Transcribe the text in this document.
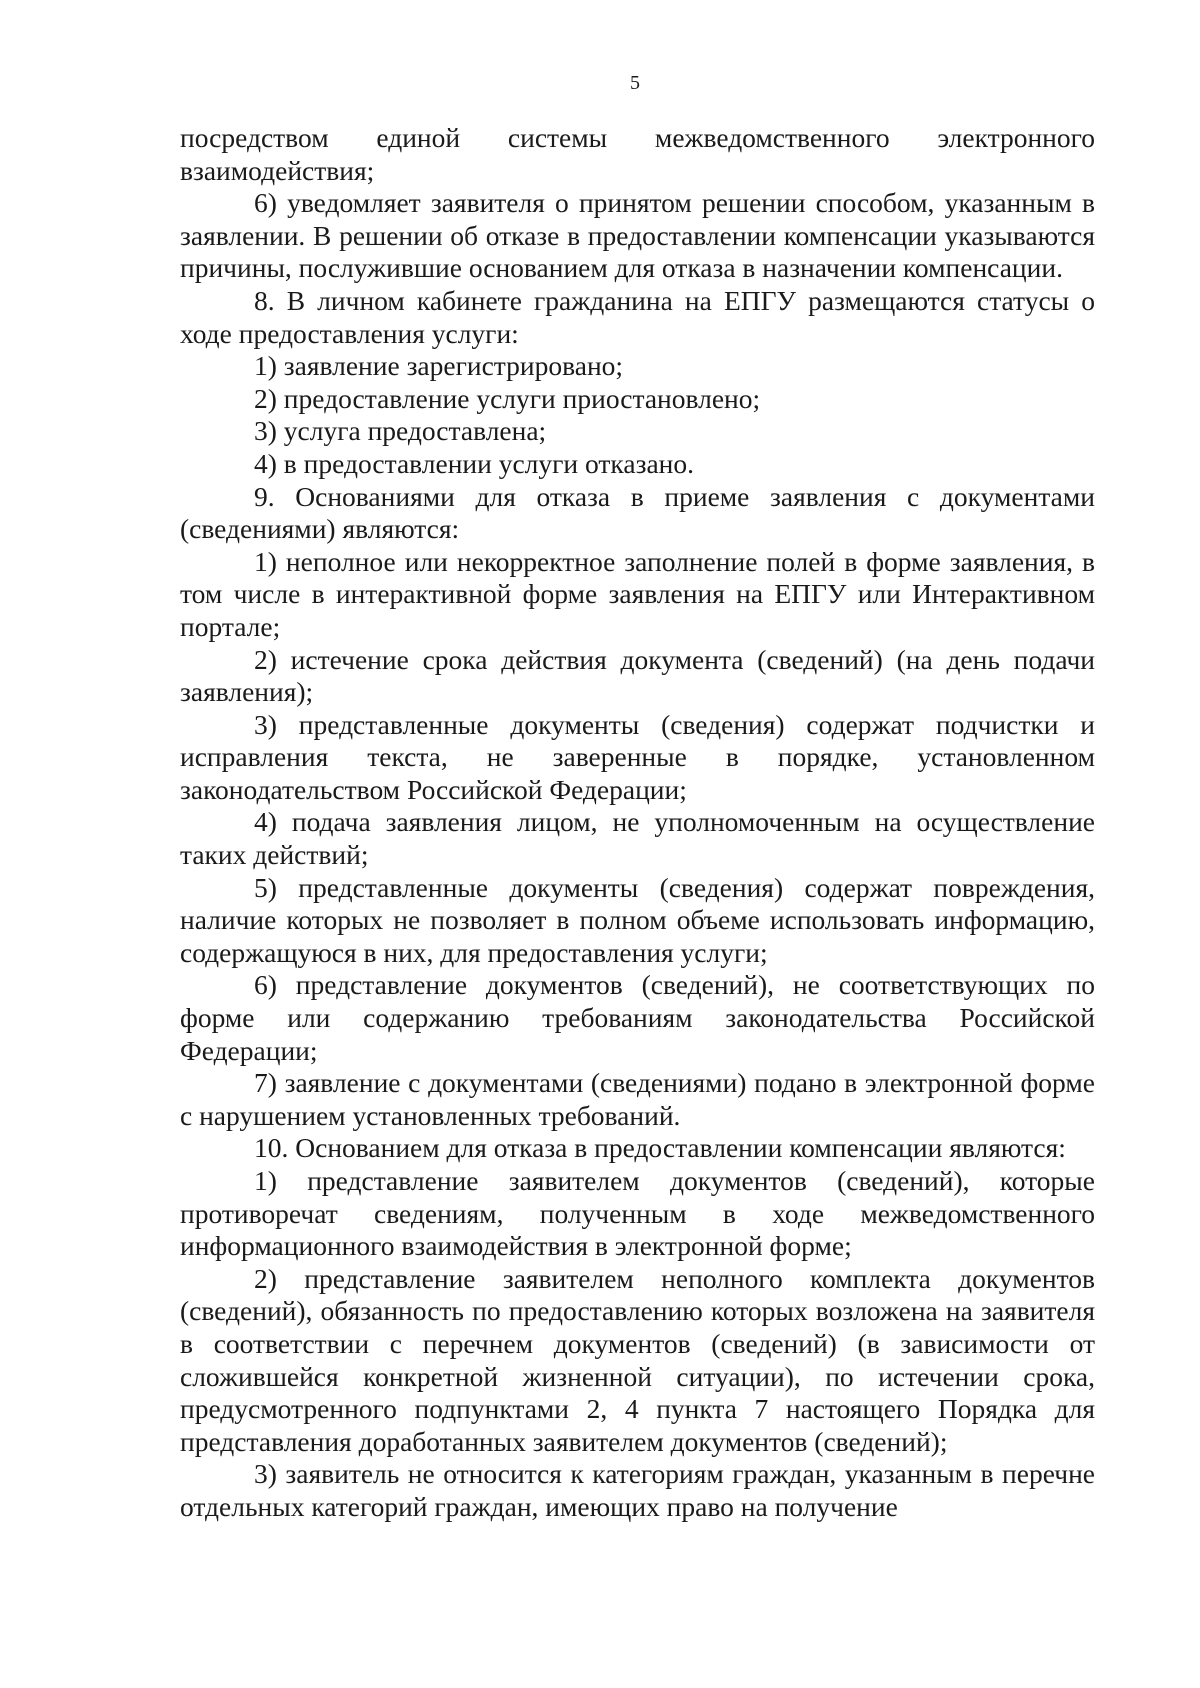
5

посредством единой системы межведомственного электронного взаимодействия;

6) уведомляет заявителя о принятом решении способом, указанным в заявлении. В решении об отказе в предоставлении компенсации указываются причины, послужившие основанием для отказа в назначении компенсации.

8. В личном кабинете гражданина на ЕПГУ размещаются статусы о ходе предоставления услуги:

1) заявление зарегистрировано;

2) предоставление услуги приостановлено;

3) услуга предоставлена;

4) в предоставлении услуги отказано.

9. Основаниями для отказа в приеме заявления с документами (сведениями) являются:

1) неполное или некорректное заполнение полей в форме заявления, в том числе в интерактивной форме заявления на ЕПГУ или Интерактивном портале;

2) истечение срока действия документа (сведений) (на день подачи заявления);

3) представленные документы (сведения) содержат подчистки и исправления текста, не заверенные в порядке, установленном законодательством Российской Федерации;

4) подача заявления лицом, не уполномоченным на осуществление таких действий;

5) представленные документы (сведения) содержат повреждения, наличие которых не позволяет в полном объеме использовать информацию, содержащуюся в них, для предоставления услуги;

6) представление документов (сведений), не соответствующих по форме или содержанию требованиям законодательства Российской Федерации;

7) заявление с документами (сведениями) подано в электронной форме с нарушением установленных требований.

10. Основанием для отказа в предоставлении компенсации являются:

1) представление заявителем документов (сведений), которые противоречат сведениям, полученным в ходе межведомственного информационного взаимодействия в электронной форме;

2) представление заявителем неполного комплекта документов (сведений), обязанность по предоставлению которых возложена на заявителя в соответствии с перечнем документов (сведений) (в зависимости от сложившейся конкретной жизненной ситуации), по истечении срока, предусмотренного подпунктами 2, 4 пункта 7 настоящего Порядка для представления доработанных заявителем документов (сведений);

3) заявитель не относится к категориям граждан, указанным в перечне отдельных категорий граждан, имеющих право на получение
